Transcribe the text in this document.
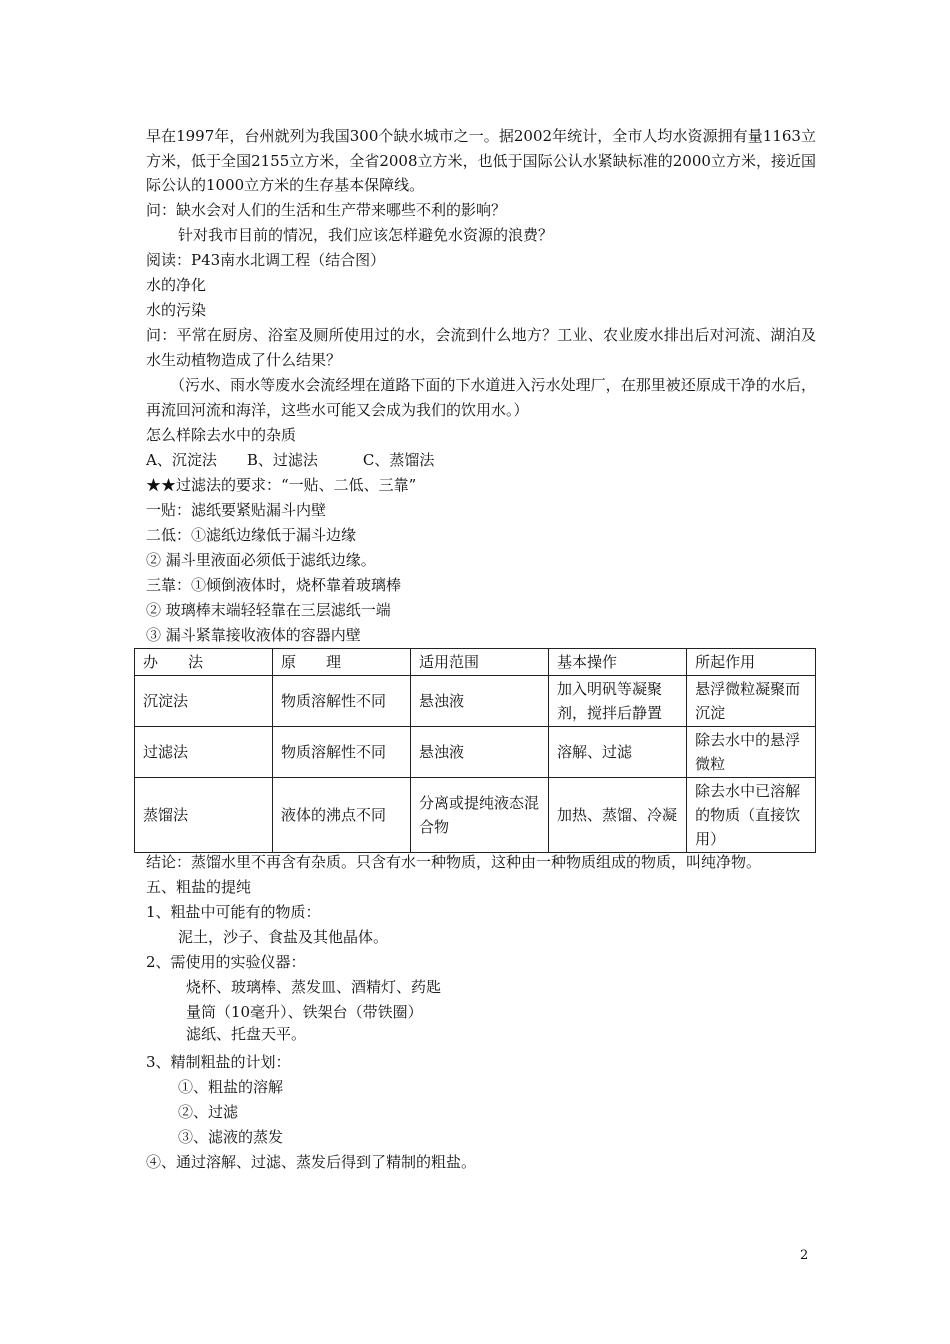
早在1997年，台州就列为我国300个缺水城市之一。据2002年统计，全市人均水资源拥有量1163立方米，低于全国2155立方米，全省2008立方米，也低于国际公认水紧缺标准的2000立方米，接近国际公认的1000立方米的生存基本保障线。
问：缺水会对人们的生活和生产带来哪些不利的影响？
针对我市目前的情况，我们应该怎样避免水资源的浪费？
阅读：P43南水北调工程（结合图）
水的净化
水的污染
问：平常在厨房、浴室及厕所使用过的水，会流到什么地方？工业、农业废水排出后对河流、湖泊及水生动植物造成了什么结果？
（污水、雨水等废水会流经埋在道路下面的下水道进入污水处理厂，在那里被还原成干净的水后，再流回河流和海洋，这些水可能又会成为我们的饮用水。）
怎么样除去水中的杂质
A、沉淀法　　B、过滤法　　　C、蒸馏法
★★过滤法的要求：“一贴、二低、三靠”
一贴：滤纸要紧贴漏斗内壁
二低：①滤纸边缘低于漏斗边缘
② 漏斗里液面必须低于滤纸边缘。
三靠：①倾倒液体时，烧杯靠着玻璃棒
② 玻璃棒末端轻轻靠在三层滤纸一端
③ 漏斗紧靠接收液体的容器内壁
办　　法	原　　理	适用范围	基本操作	所起作用
沉淀法	物质溶解性不同	悬浊液	加入明矾等凝聚剂，搅拌后静置	悬浮微粒凝聚而沉淀
过滤法	物质溶解性不同	悬浊液	溶解、过滤	除去水中的悬浮微粒
蒸馏法	液体的沸点不同	分离或提纯液态混合物	加热、蒸馏、冷凝	除去水中已溶解的物质（直接饮用）
结论：蒸馏水里不再含有杂质。只含有水一种物质，这种由一种物质组成的物质，叫纯净物。
五、粗盐的提纯
1、粗盐中可能有的物质：
泥土，沙子、食盐及其他晶体。
2、需使用的实验仪器：
烧杯、玻璃棒、蒸发皿、酒精灯、药匙
量筒（10毫升）、铁架台（带铁圈）
滤纸、托盘天平。
3、精制粗盐的计划：
①、粗盐的溶解
②、过滤
③、滤液的蒸发
④、通过溶解、过滤、蒸发后得到了精制的粗盐。
2
